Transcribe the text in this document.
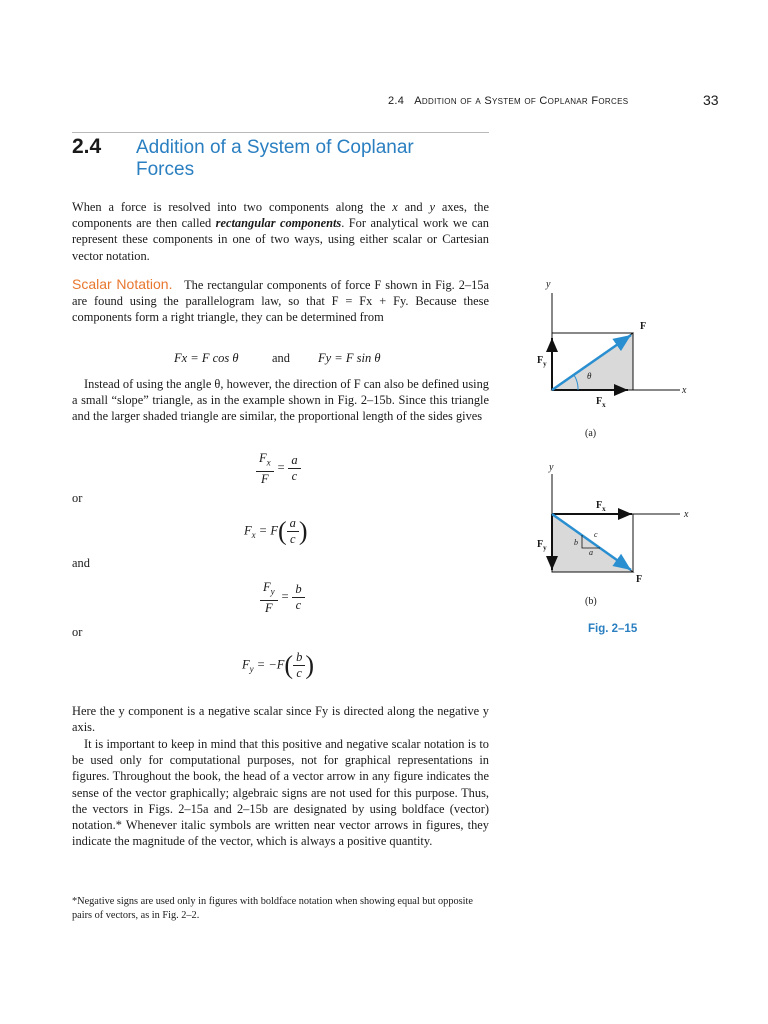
2.4 Addition of a System of Coplanar Forces	33
2.4 Addition of a System of Coplanar
Forces
When a force is resolved into two components along the x and y axes, the components are then called rectangular components. For analytical work we can represent these components in one of two ways, using either scalar or Cartesian vector notation.
Scalar Notation. The rectangular components of force F shown in Fig. 2–15a are found using the parallelogram law, so that F = Fx + Fy. Because these components form a right triangle, they can be determined from
Fx = F cos θ	and Fy = F sin θ
Instead of using the angle θ, however, the direction of F can also be defined using a small “slope” triangle, as in the example shown in Fig. 2–15b. Since this triangle and the larger shaded triangle are similar, the proportional length of the sides gives
$\frac{F_x}{F} = \frac{a}{c}$
or
$F_x = F( \frac{a}{c}$ )
and
$\frac{F_y}{F} = \frac{b}{c}$
or
$F_y = -F( \frac{b}{c}$ )
Here the y component is a negative scalar since Fy is directed along the negative y axis.
It is important to keep in mind that this positive and negative scalar notation is to be used only for computational purposes, not for graphical representations in figures. Throughout the book, the head of a vector arrow in any figure indicates the sense of the vector graphically; algebraic signs are not used for this purpose. Thus, the vectors in Figs. 2–15a and 2–15b are designated by using boldface (vector) notation.* Whenever italic symbols are written near vector arrows in figures, they indicate the magnitude of the vector, which is always a positive quantity.
*Negative signs are used only in figures with boldface notation when showing equal but opposite pairs of vectors, as in Fig. 2–2.
y
x
F
$F_y$
$F_x$
θ
(a)
y
x
$F_x$
$F_y$
F
c
b
a
(b)
Fig. 2–15
